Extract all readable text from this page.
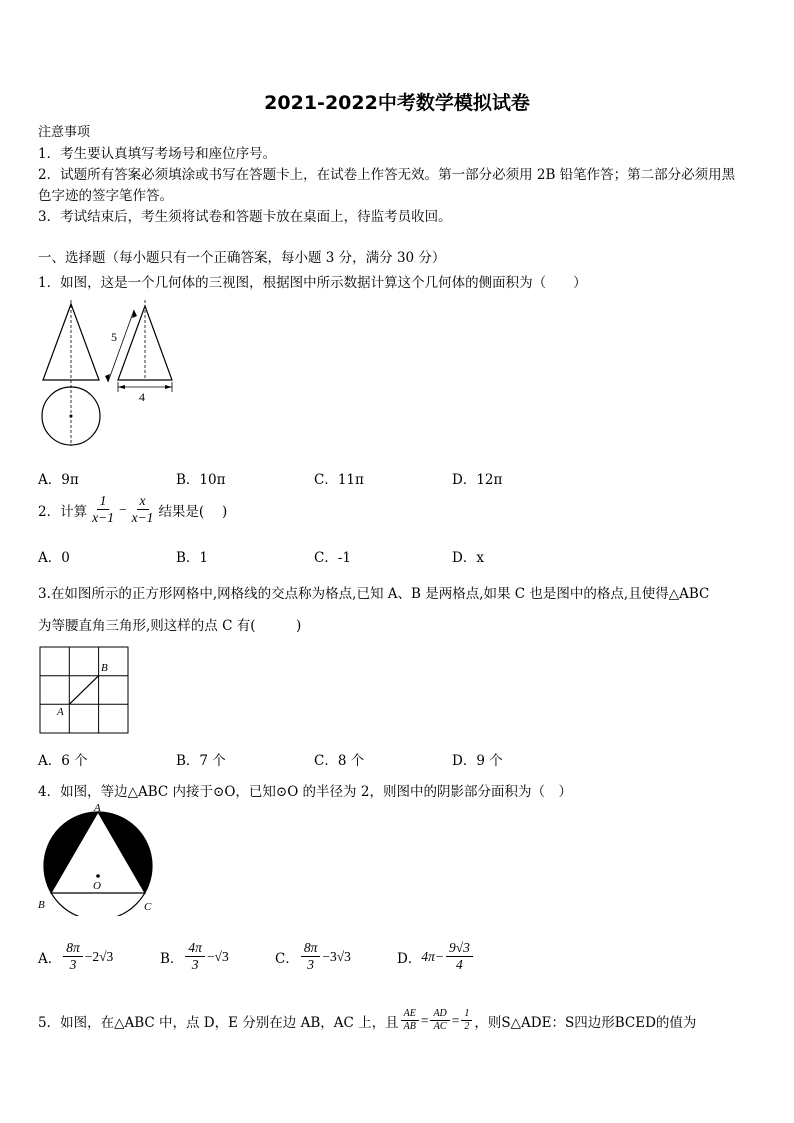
2021-2022中考数学模拟试卷
注意事项
1．考生要认真填写考场号和座位序号。
2．试题所有答案必须填涂或书写在答题卡上，在试卷上作答无效。第一部分必须用 2B 铅笔作答；第二部分必须用黑
色字迹的签字笔作答。
3．考试结束后，考生须将试卷和答题卡放在桌面上，待监考员收回。
一、选择题（每小题只有一个正确答案，每小题 3 分，满分 30 分）
1．如图，这是一个几何体的三视图，根据图中所示数据计算这个几何体的侧面积为（　　）
5
4
A．9π	B．10π	C．11π	D．12π
2．计算 $\frac{1}{x-1} - \frac{x}{x-1}$ 结果是(　 )
A．0	B．1	C．-1	D．x
3.在如图所示的正方形网格中,网格线的交点称为格点,已知 A、B 是两格点,如果 C 也是图中的格点,且使得△ABC
为等腰直角三角形,则这样的点 C 有(　　　)
A
B
A．6 个	B．7 个	C．8 个	D．9 个
4．如图，等边△ABC 内接于⊙O，已知⊙O 的半径为 2，则图中的阴影部分面积为（　）
A
B	C
O
A． $\frac{8\pi}{3} -2√3$	B． $\frac{4\pi}{3} -√3$	C． $\frac{8\pi}{3} -3√3$	D． $4\pi- \frac{9√3}{4}$
5．如图，在△ABC 中，点 D，E 分别在边 AB，AC 上，且 $\frac{AE}{AB} = \frac{AD}{AC} = \frac{1}{2}$ ，则S△ADE：S四边形BCED的值为
